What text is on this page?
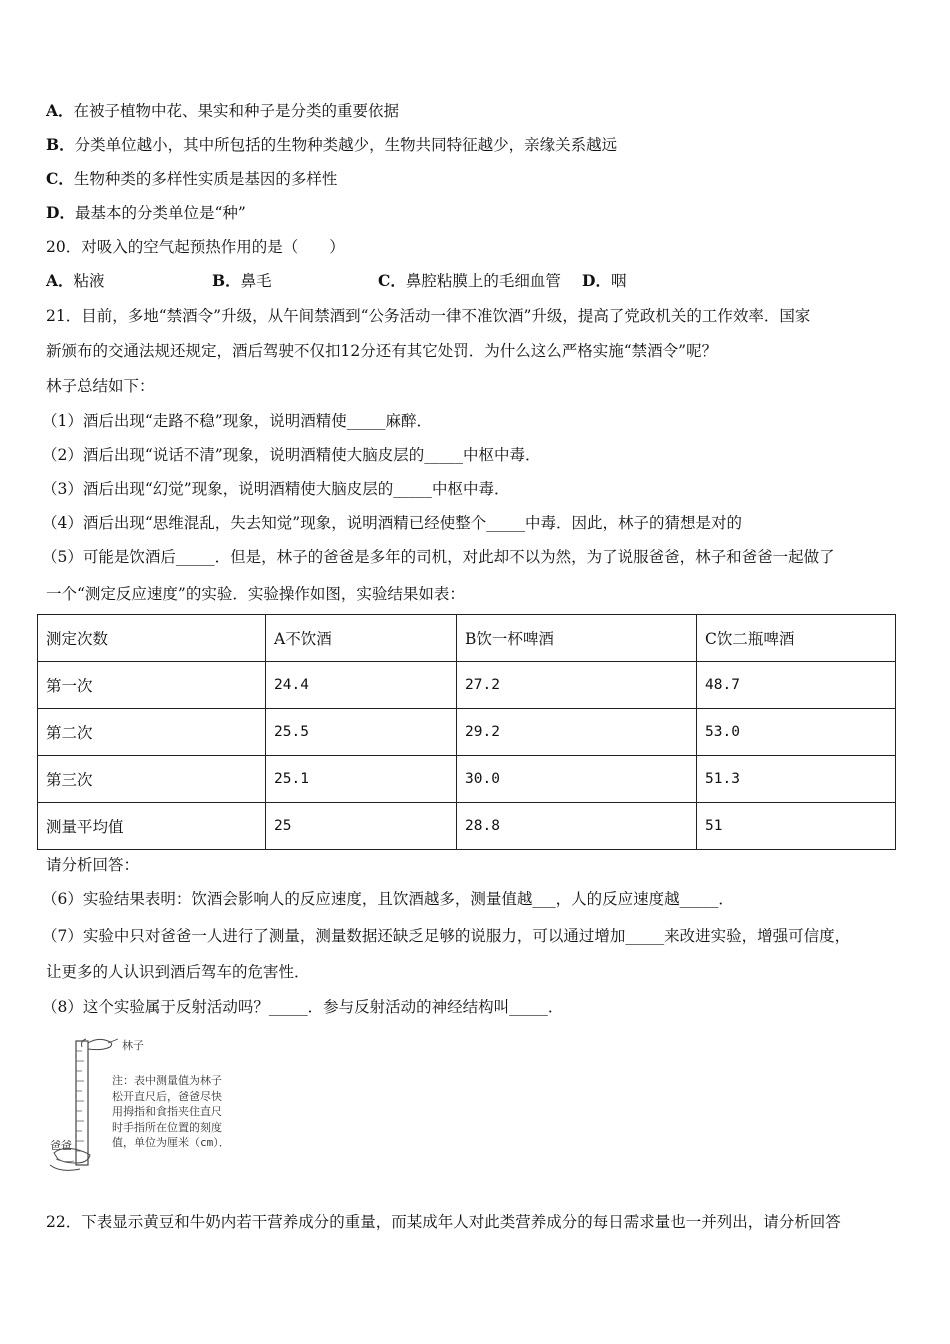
A．在被子植物中花、果实和种子是分类的重要依据
B．分类单位越小，其中所包括的生物种类越少，生物共同特征越少，亲缘关系越远
C．生物种类的多样性实质是基因的多样性
D．最基本的分类单位是“种”
20．对吸入的空气起预热作用的是（　　）
A．粘液	B．鼻毛	C．鼻腔粘膜上的毛细血管 D．咽
21．目前，多地“禁酒令”升级，从午间禁酒到“公务活动一律不准饮酒”升级，提高了党政机关的工作效率．国家
新颁布的交通法规还规定，酒后驾驶不仅扣12分还有其它处罚．为什么这么严格实施“禁酒令”呢？
林子总结如下：
（1）酒后出现“走路不稳”现象，说明酒精使_____麻醉．
（2）酒后出现“说话不清”现象，说明酒精使大脑皮层的_____中枢中毒．
（3）酒后出现“幻觉”现象，说明酒精使大脑皮层的_____中枢中毒．
（4）酒后出现“思维混乱，失去知觉”现象，说明酒精已经使整个_____中毒．因此，林子的猜想是对的
（5）可能是饮酒后_____．但是，林子的爸爸是多年的司机，对此却不以为然，为了说服爸爸，林子和爸爸一起做了
一个“测定反应速度”的实验．实验操作如图，实验结果如表：
测定次数	A不饮酒	B饮一杯啤酒	C饮二瓶啤酒
第一次	24.4	27.2	48.7
第二次	25.5	29.2	53.0
第三次	25.1	30.0	51.3
测量平均值	25	28.8	51
请分析回答：
（6）实验结果表明：饮酒会影响人的反应速度，且饮酒越多，测量值越___，人的反应速度越_____．
（7）实验中只对爸爸一人进行了测量，测量数据还缺乏足够的说服力，可以通过增加_____来改进实验，增强可信度，
让更多的人认识到酒后驾车的危害性．
（8）这个实验属于反射活动吗？_____．参与反射活动的神经结构叫_____．
林子
爸爸
注：表中测量值为林子
松开直尺后，爸爸尽快
用拇指和食指夹住直尺
时手指所在位置的刻度
值，单位为厘米（cm）．
22．下表显示黄豆和牛奶内若干营养成分的重量，而某成年人对此类营养成分的每日需求量也一并列出，请分析回答
